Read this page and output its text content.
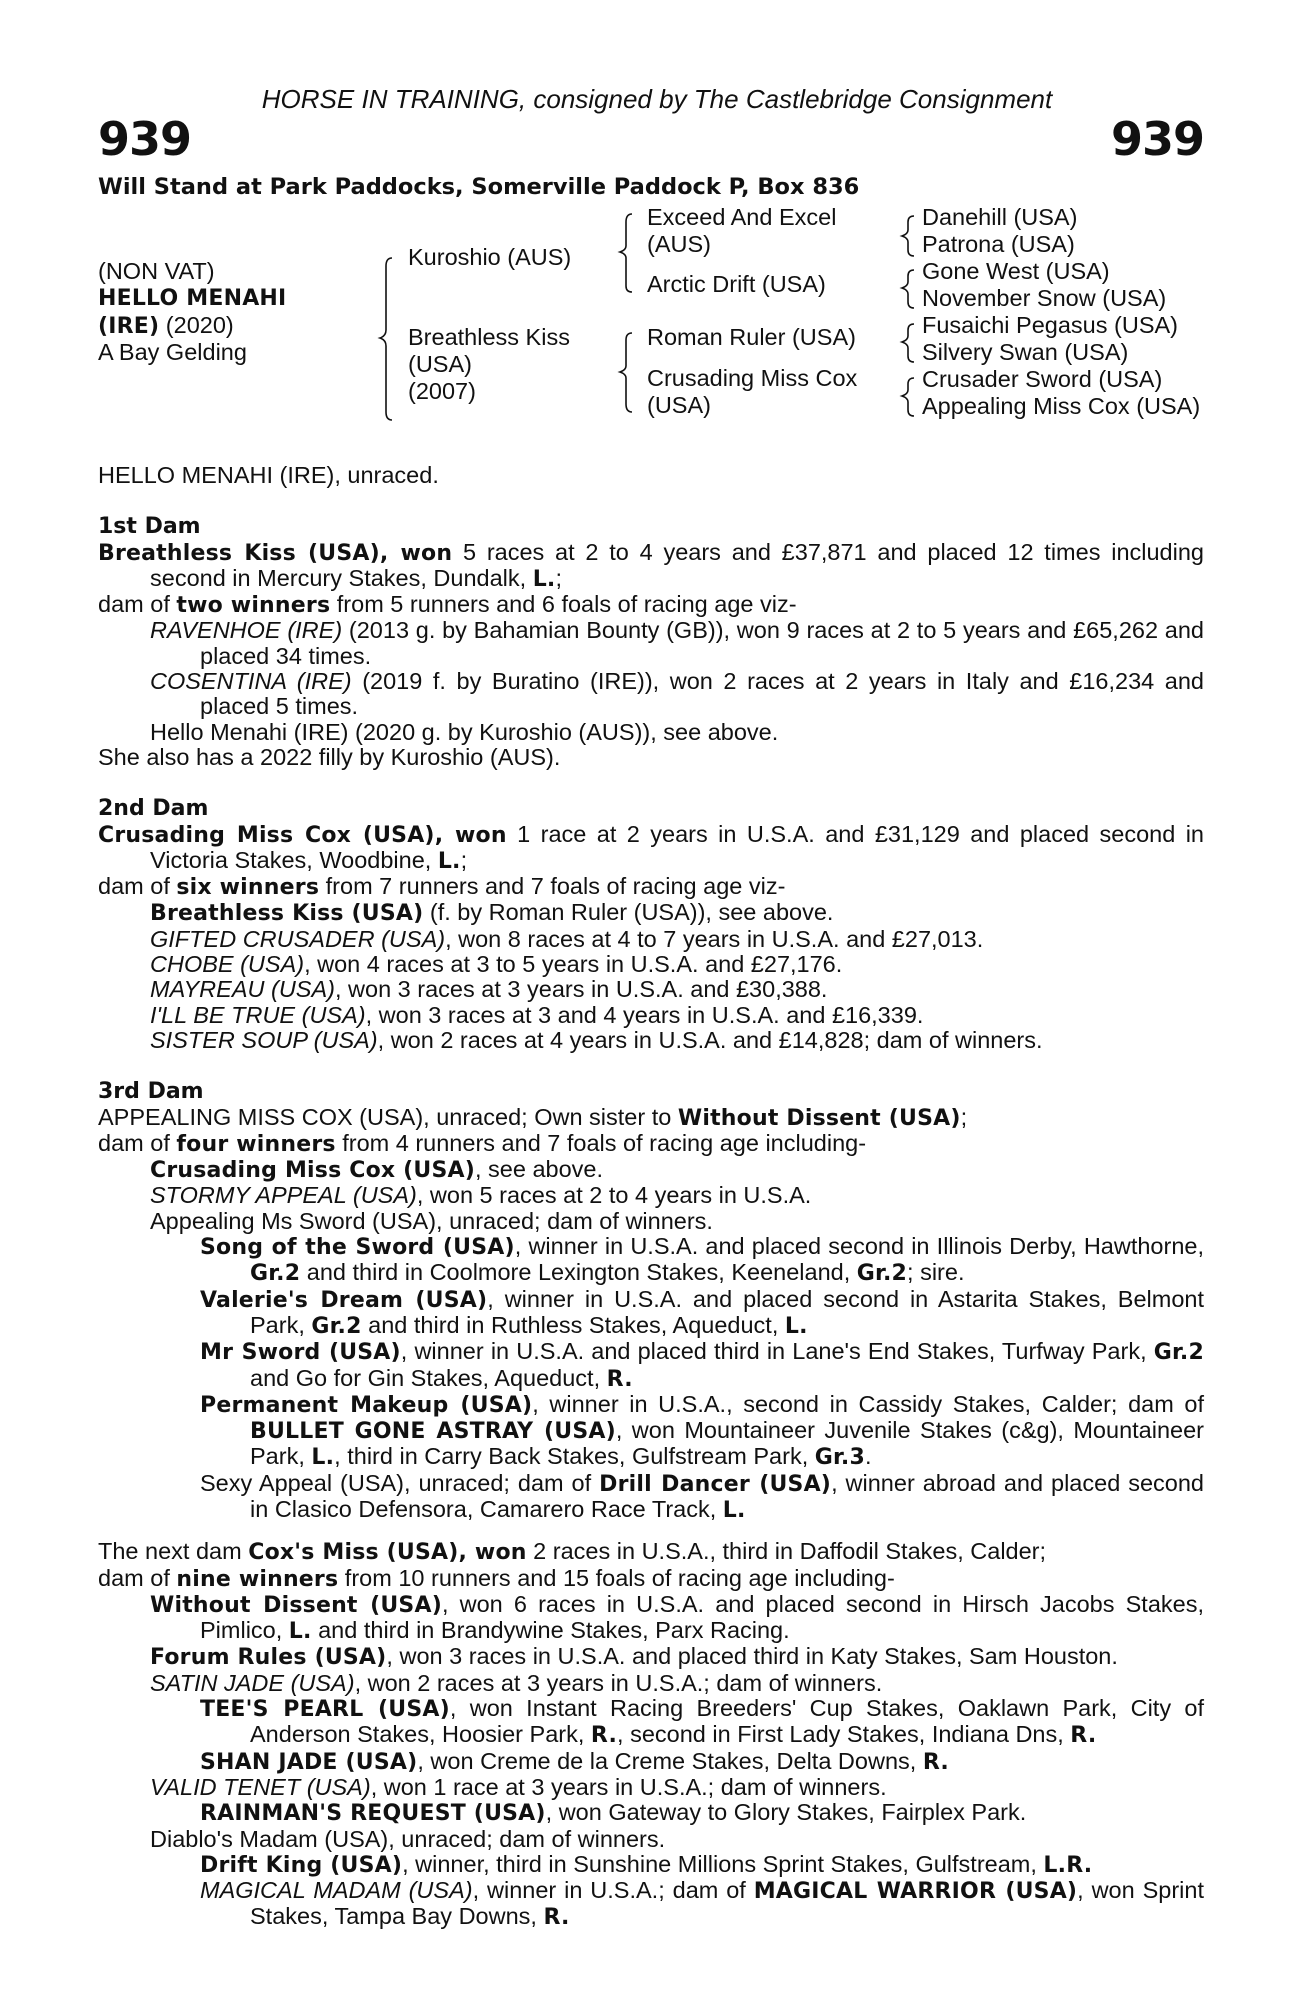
HORSE IN TRAINING, consigned by The Castlebridge Consignment
939	939
Will Stand at Park Paddocks, Somerville Paddock P, Box 836
(NON VAT)
HELLO MENAHI
(IRE) (2020)
A Bay Gelding
Kuroshio (AUS)
Breathless Kiss
(USA)
(2007)
Exceed And Excel
(AUS)
Arctic Drift (USA)
Roman Ruler (USA)
Crusading Miss Cox
(USA)
Danehill (USA)
Patrona (USA)
Gone West (USA)
November Snow (USA)
Fusaichi Pegasus (USA)
Silvery Swan (USA)
Crusader Sword (USA)
Appealing Miss Cox (USA)

HELLO MENAHI (IRE), unraced.

1st Dam

Breathless Kiss (USA), won 5 races at 2 to 4 years and £37,871 and placed 12 times including second in Mercury Stakes, Dundalk, L.;

dam of two winners from 5 runners and 6 foals of racing age viz-

RAVENHOE (IRE) (2013 g. by Bahamian Bounty (GB)), won 9 races at 2 to 5 years and £65,262 and placed 34 times.

COSENTINA (IRE) (2019 f. by Buratino (IRE)), won 2 races at 2 years in Italy and £16,234 and placed 5 times.

Hello Menahi (IRE) (2020 g. by Kuroshio (AUS)), see above.

She also has a 2022 filly by Kuroshio (AUS).

2nd Dam

Crusading Miss Cox (USA), won 1 race at 2 years in U.S.A. and £31,129 and placed second in Victoria Stakes, Woodbine, L.;

dam of six winners from 7 runners and 7 foals of racing age viz-

Breathless Kiss (USA) (f. by Roman Ruler (USA)), see above.

GIFTED CRUSADER (USA), won 8 races at 4 to 7 years in U.S.A. and £27,013.

CHOBE (USA), won 4 races at 3 to 5 years in U.S.A. and £27,176.

MAYREAU (USA), won 3 races at 3 years in U.S.A. and £30,388.

I'LL BE TRUE (USA), won 3 races at 3 and 4 years in U.S.A. and £16,339.

SISTER SOUP (USA), won 2 races at 4 years in U.S.A. and £14,828; dam of winners.

3rd Dam

APPEALING MISS COX (USA), unraced; Own sister to Without Dissent (USA);

dam of four winners from 4 runners and 7 foals of racing age including-

Crusading Miss Cox (USA), see above.

STORMY APPEAL (USA), won 5 races at 2 to 4 years in U.S.A.

Appealing Ms Sword (USA), unraced; dam of winners.

Song of the Sword (USA), winner in U.S.A. and placed second in Illinois Derby, Hawthorne, Gr.2 and third in Coolmore Lexington Stakes, Keeneland, Gr.2; sire.

Valerie's Dream (USA), winner in U.S.A. and placed second in Astarita Stakes, Belmont Park, Gr.2 and third in Ruthless Stakes, Aqueduct, L.

Mr Sword (USA), winner in U.S.A. and placed third in Lane's End Stakes, Turfway Park, Gr.2 and Go for Gin Stakes, Aqueduct, R.

Permanent Makeup (USA), winner in U.S.A., second in Cassidy Stakes, Calder; dam of BULLET GONE ASTRAY (USA), won Mountaineer Juvenile Stakes (c&g), Mountaineer Park, L., third in Carry Back Stakes, Gulfstream Park, Gr.3.

Sexy Appeal (USA), unraced; dam of Drill Dancer (USA), winner abroad and placed second in Clasico Defensora, Camarero Race Track, L.

The next dam Cox's Miss (USA), won 2 races in U.S.A., third in Daffodil Stakes, Calder;

dam of nine winners from 10 runners and 15 foals of racing age including-

Without Dissent (USA), won 6 races in U.S.A. and placed second in Hirsch Jacobs Stakes, Pimlico, L. and third in Brandywine Stakes, Parx Racing.

Forum Rules (USA), won 3 races in U.S.A. and placed third in Katy Stakes, Sam Houston.

SATIN JADE (USA), won 2 races at 3 years in U.S.A.; dam of winners.

TEE'S PEARL (USA), won Instant Racing Breeders' Cup Stakes, Oaklawn Park, City of Anderson Stakes, Hoosier Park, R., second in First Lady Stakes, Indiana Dns, R.

SHAN JADE (USA), won Creme de la Creme Stakes, Delta Downs, R.

VALID TENET (USA), won 1 race at 3 years in U.S.A.; dam of winners.

RAINMAN'S REQUEST (USA), won Gateway to Glory Stakes, Fairplex Park.

Diablo's Madam (USA), unraced; dam of winners.

Drift King (USA), winner, third in Sunshine Millions Sprint Stakes, Gulfstream, L.R.

MAGICAL MADAM (USA), winner in U.S.A.; dam of MAGICAL WARRIOR (USA), won Sprint Stakes, Tampa Bay Downs, R.
